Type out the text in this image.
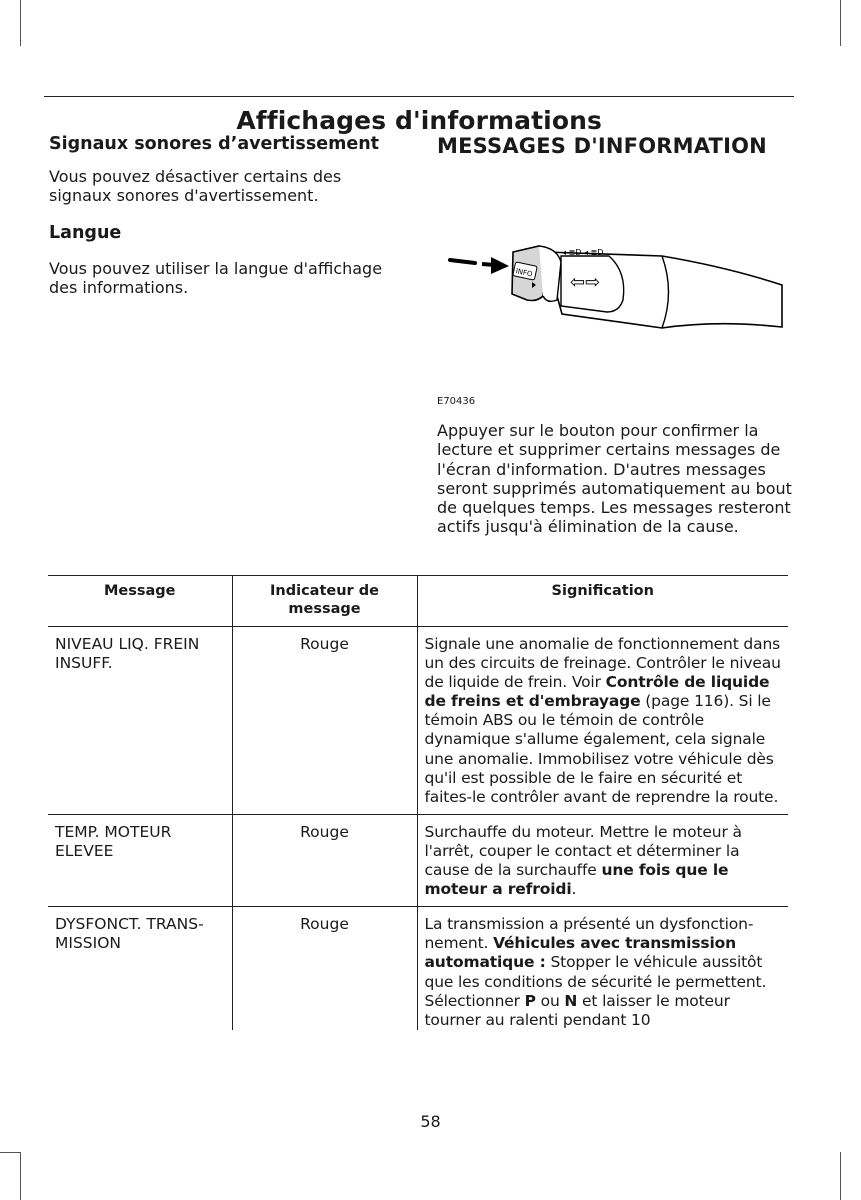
Affichages d'informations
Signaux sonores d’avertissement

Vous pouvez désactiver certains des signaux sonores d'avertissement.

Langue

Vous pouvez utiliser la langue d'affichage des informations.

MESSAGES D'INFORMATION
INFO ⇦⇨
◂ ≣D ◂ ≣D
E70436

Appuyer sur le bouton pour confirmer la lecture et supprimer certains messages de l'écran d'information. D'autres messages seront supprimés automatiquement au bout de quelques temps. Les messages resteront actifs jusqu'à élimination de la cause.

Message	Indicateur de message	Signification
NIVEAU LIQ. FREIN INSUFF.	Rouge	Signale une anomalie de fonctionnement dans un des circuits de freinage. Contrôler le niveau de liquide de frein. Voir Contrôle de liquide de freins et d'embrayage (page 116). Si le témoin ABS ou le témoin de contrôle dynamique s'allume également, cela signale une anomalie. Immobilisez votre véhicule dès qu'il est possible de le faire en sécurité et faites-le contrôler avant de reprendre la route.
TEMP. MOTEUR ELEVEE	Rouge	Surchauffe du moteur. Mettre le moteur à l'arrêt, couper le contact et déterminer la cause de la surchauffe une fois que le moteur a refroidi.
DYSFONCT. TRANSMISSION	Rouge	La transmission a présenté un dysfonctionnement. Véhicules avec transmission automatique : Stopper le véhicule aussitôt que les conditions de sécurité le permettent. Sélectionner P ou N et laisser le moteur tourner au ralenti pendant 10
58
